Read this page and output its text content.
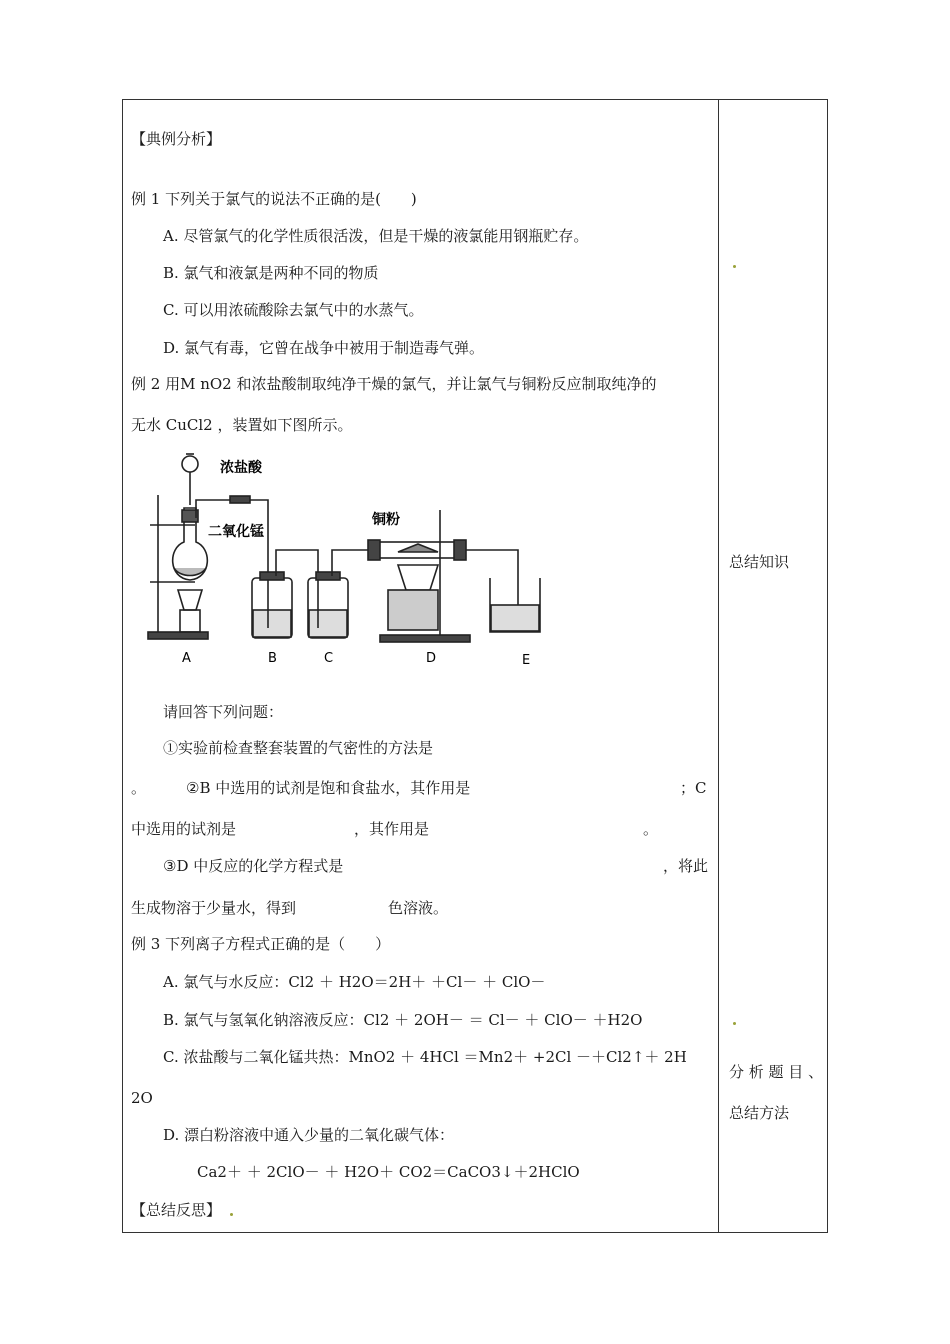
【典例分析】
例 1 下列关于氯气的说法不正确的是(　　)
A. 尽管氯气的化学性质很活泼，但是干燥的液氯能用钢瓶贮存。
B. 氯气和液氯是两种不同的物质
C. 可以用浓硫酸除去氯气中的水蒸气。
D. 氯气有毒，它曾在战争中被用于制造毒气弹。
例 2 用M nO2 和浓盐酸制取纯净干燥的氯气，并让氯气与铜粉反应制取纯净的
无水 CuCl2 ，装置如下图所示。
浓盐酸
二氧化锰
铜粉
A	B	C	D	E
请回答下列问题：
①实验前检查整套装置的气密性的方法是
。	②B 中选用的试剂是饱和食盐水，其作用是	；C
中选用的试剂是	，其作用是	。
③D 中反应的化学方程式是	，将此
生成物溶于少量水，得到	色溶液。
例 3 下列离子方程式正确的是（　　）
A. 氯气与水反应：Cl2 ＋ H2O＝2H＋ ＋Cl－ ＋ ClO－
B. 氯气与氢氧化钠溶液反应：Cl2 ＋ 2OH－ ＝ Cl－ ＋ ClO－ ＋H2O
C. 浓盐酸与二氧化锰共热：MnO2 ＋ 4HCl ＝Mn2＋ +2Cl －＋Cl2↑＋ 2H
2O
D. 漂白粉溶液中通入少量的二氧化碳气体：
Ca2＋ ＋ 2ClO－ ＋ H2O＋ CO2＝CaCO3↓＋2HClO
【总结反思】
总结知识
分 析 题 目 、
总结方法
